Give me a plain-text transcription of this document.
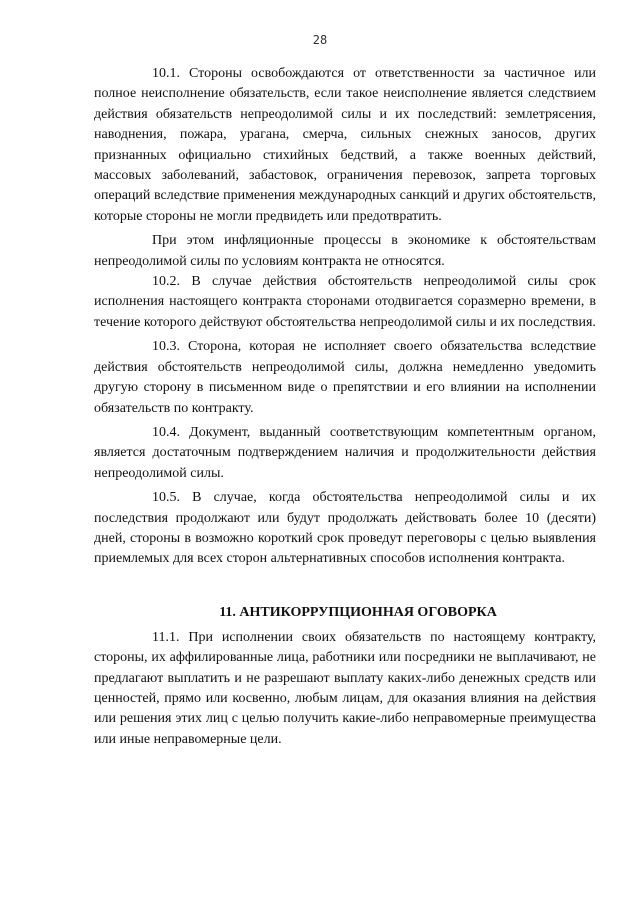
28

10.1. Стороны освобождаются от ответственности за частичное или полное неисполнение обязательств, если такое неисполнение является следствием действия обязательств непреодолимой силы и их последствий: землетрясения, наводнения, пожара, урагана, смерча, сильных снежных заносов, других признанных официально стихийных бедствий, а также военных действий, массовых заболеваний, забастовок, ограничения перевозок, запрета торговых операций вследствие применения международных санкций и других обстоятельств, которые стороны не могли предвидеть или предотвратить.

При этом инфляционные процессы в экономике к обстоятельствам непреодолимой силы по условиям контракта не относятся.

10.2. В случае действия обстоятельств непреодолимой силы срок исполнения настоящего контракта сторонами отодвигается соразмерно времени, в течение которого действуют обстоятельства непреодолимой силы и их последствия.

10.3. Сторона, которая не исполняет своего обязательства вследствие действия обстоятельств непреодолимой силы, должна немедленно уведомить другую сторону в письменном виде о препятствии и его влиянии на исполнении обязательств по контракту.

10.4. Документ, выданный соответствующим компетентным органом, является достаточным подтверждением наличия и продолжительности действия непреодолимой силы.

10.5. В случае, когда обстоятельства непреодолимой силы и их последствия продолжают или будут продолжать действовать более 10 (десяти) дней, стороны в возможно короткий срок проведут переговоры с целью выявления приемлемых для всех сторон альтернативных способов исполнения контракта.

11. АНТИКОРРУПЦИОННАЯ ОГОВОРКА

11.1. При исполнении своих обязательств по настоящему контракту, стороны, их аффилированные лица, работники или посредники не выплачивают, не предлагают выплатить и не разрешают выплату каких-либо денежных средств или ценностей, прямо или косвенно, любым лицам, для оказания влияния на действия или решения этих лиц с целью получить какие-либо неправомерные преимущества или иные неправомерные цели.
